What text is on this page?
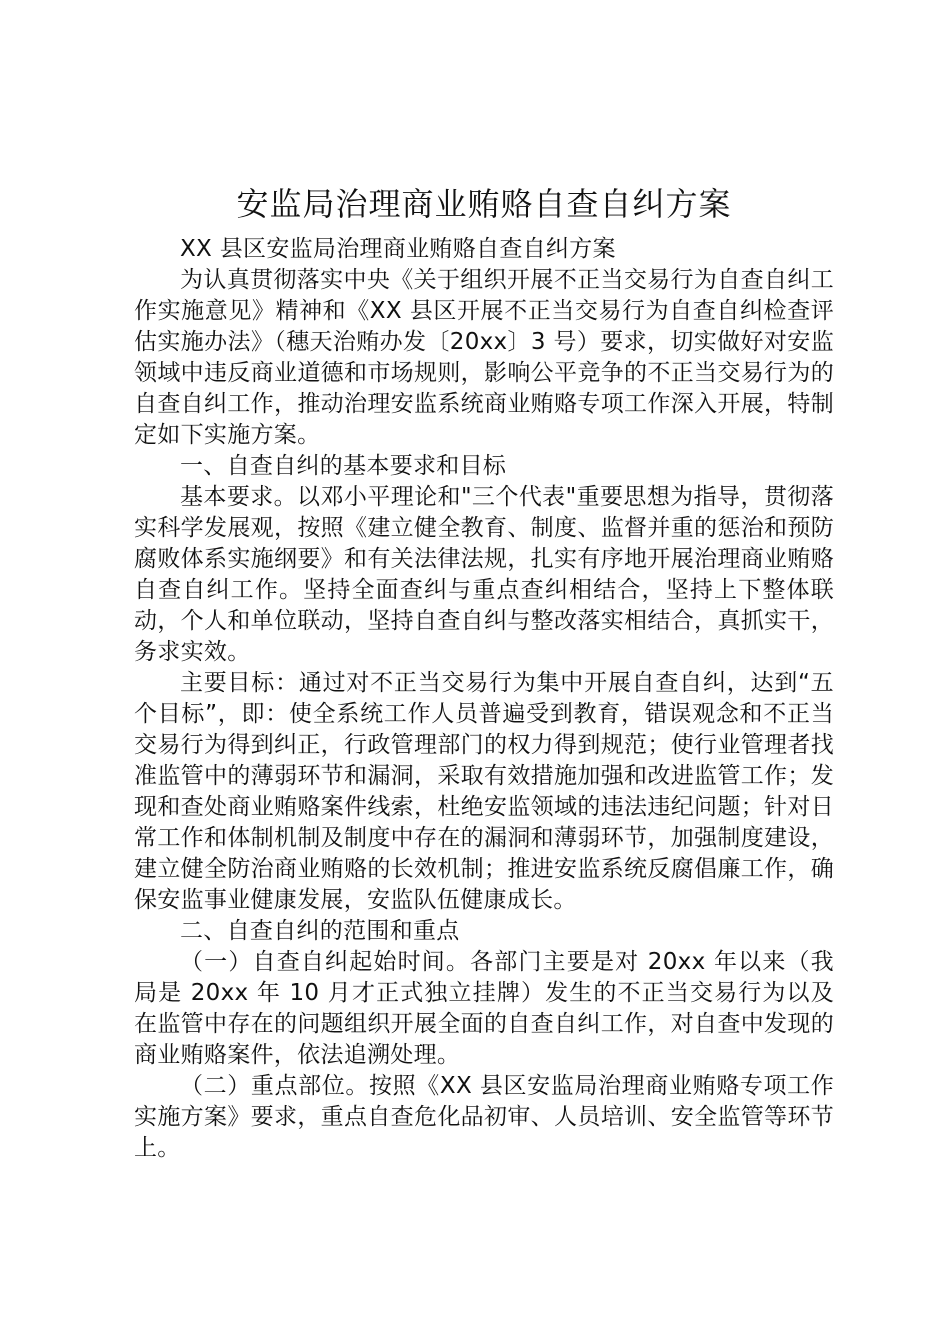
安监局治理商业贿赂自查自纠方案

XX 县区安监局治理商业贿赂自查自纠方案

为认真贯彻落实中央《关于组织开展不正当交易行为自查自纠工作实施意见》精神和《XX 县区开展不正当交易行为自查自纠检查评估实施办法》（穗天治贿办发〔20xx〕3 号）要求，切实做好对安监领域中违反商业道德和市场规则，影响公平竞争的不正当交易行为的自查自纠工作，推动治理安监系统商业贿赂专项工作深入开展，特制定如下实施方案。

一、自查自纠的基本要求和目标

基本要求。以邓小平理论和"三个代表"重要思想为指导，贯彻落实科学发展观，按照《建立健全教育、制度、监督并重的惩治和预防腐败体系实施纲要》和有关法律法规，扎实有序地开展治理商业贿赂自查自纠工作。坚持全面查纠与重点查纠相结合，坚持上下整体联动，个人和单位联动，坚持自查自纠与整改落实相结合，真抓实干，务求实效。

主要目标：通过对不正当交易行为集中开展自查自纠，达到“五个目标”，即：使全系统工作人员普遍受到教育，错误观念和不正当交易行为得到纠正，行政管理部门的权力得到规范；使行业管理者找准监管中的薄弱环节和漏洞，采取有效措施加强和改进监管工作；发现和查处商业贿赂案件线索，杜绝安监领域的违法违纪问题；针对日常工作和体制机制及制度中存在的漏洞和薄弱环节，加强制度建设，建立健全防治商业贿赂的长效机制；推进安监系统反腐倡廉工作，确保安监事业健康发展，安监队伍健康成长。

二、自查自纠的范围和重点

（一）自查自纠起始时间。各部门主要是对 20xx 年以来（我局是 20xx 年 10 月才正式独立挂牌）发生的不正当交易行为以及在监管中存在的问题组织开展全面的自查自纠工作，对自查中发现的商业贿赂案件，依法追溯处理。

（二）重点部位。按照《XX 县区安监局治理商业贿赂专项工作实施方案》要求，重点自查危化品初审、人员培训、安全监管等环节上。
